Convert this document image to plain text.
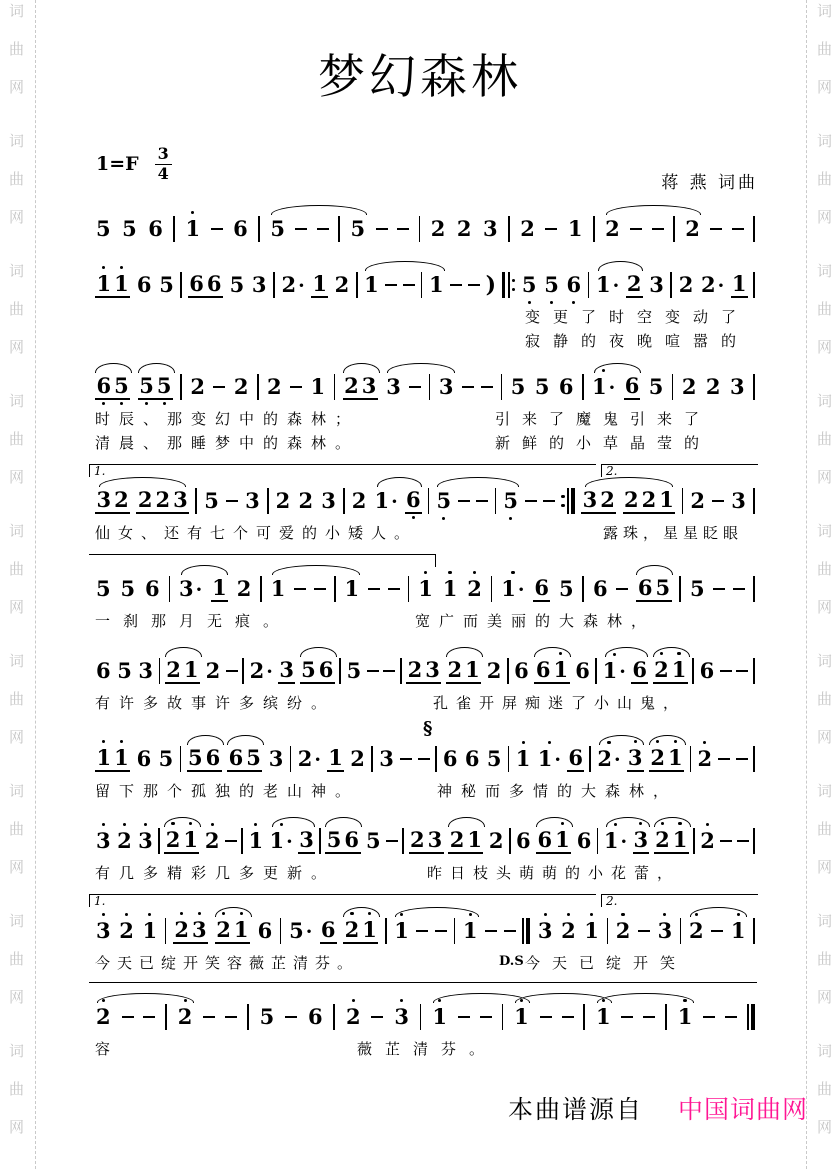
词
曲
网
词
曲
网
词
曲
网
词
曲
网
词
曲
网
词
曲
网
词
曲
网
词
曲
网
词
曲
网
词
曲
网
词
曲
网
词
曲
网
词
曲
网
词
曲
网
词
曲
网
词
曲
网
词
曲
网
词
曲
网
梦幻森林
$1=F \frac{3}{4}$
蒋 燕 词曲
5 5 6 1 6 5	5	2 2 3 2 1 2	2
1 1 6 5 6 6 5 3 2 · 1 2 1 1 ) 5 5 6 1 · 2 3 2 2 · 1
变更了时空变动了
寂静的夜晚喧嚣的
6 5 5 5 2 2 2 1 2 3 3 3	5 5 6 1 · 6 5 2 2 3
时辰、那变幻中的森林；	引来了魔鬼引来了
清晨、那睡梦中的森林。	新鲜的小草晶莹的
3 2 2 2 3 5 3 2 2 3 2 1 · 6 5 5	3 2 2 2 1 2 3
1.	2.
仙女、还有七个可爱的小矮人。	露珠，星星眨眼
5 5 6 3 · 1 2 1	1	1 1 2 1 · 6 5 6 6 5 5
一刹那月无痕。	宽广而美丽的大森林，
6 5 3 2 1 2 2 · 3 5 6 5 2 3 2 1 2 6 6 1 6 1 · 6 2 1 6
有许多故事许多缤纷。	孔雀开屏痴迷了小山鬼，
1 1 6 5 5 6 6 5 3 2 · 1 2 3 6 6 5 1 1 · 6 2 · 3 2 1 2
§
留下那个孤独的老山神。	神秘而多情的大森林，
3 2 3 2 1 2 1 1 · 3 5 6 5 2 3 2 1 2 6 6 1 6 1 · 3 2 1 2
有几多精彩几多更新。	昨日枝头萌萌的小花蕾，
3 2 1 2 3 2 1 6 5 · 6 2 1 1	1	3 2 1 2 3 2 1
1.	2.
D.S
今天已绽开笑容薇芷清芬。	今天已绽开笑
2	2	5 6 2 3 1	1	1	1
容	薇芷清芬。
本曲谱源自 中国词曲网
